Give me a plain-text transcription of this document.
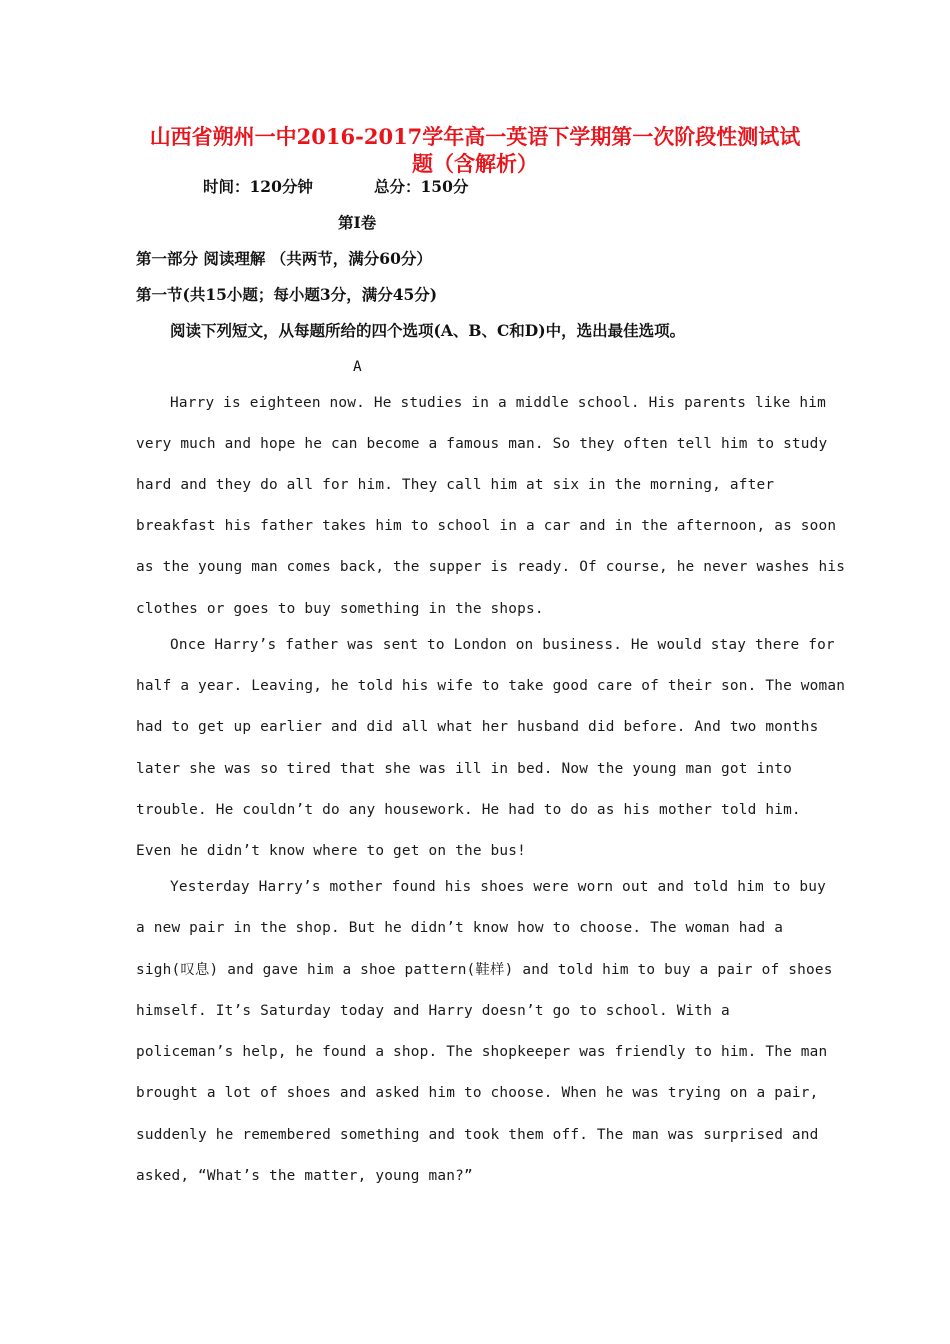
山西省朔州一中2016-2017学年高一英语下学期第一次阶段性测试试
题（含解析）
时间：120分钟	总分：150分
第I卷
第一部分 阅读理解 （共两节，满分60分）
第一节(共15小题；每小题3分，满分45分)
阅读下列短文，从每题所给的四个选项(A、B、C和D)中，选出最佳选项。
A
Harry is eighteen now. He studies in a middle school. His parents like him
very much and hope he can become a famous man. So they often tell him to study
hard and they do all for him. They call him at six in the morning, after
breakfast his father takes him to school in a car and in the afternoon, as soon
as the young man comes back, the supper is ready. Of course, he never washes his
clothes or goes to buy something in the shops.
Once Harry’s father was sent to London on business. He would stay there for
half a year. Leaving, he told his wife to take good care of their son. The woman
had to get up earlier and did all what her husband did before. And two months
later she was so tired that she was ill in bed. Now the young man got into
trouble. He couldn’t do any housework. He had to do as his mother told him.
Even he didn’t know where to get on the bus!
Yesterday Harry’s mother found his shoes were worn out and told him to buy
a new pair in the shop. But he didn’t know how to choose. The woman had a
sigh(叹息) and gave him a shoe pattern(鞋样) and told him to buy a pair of shoes
himself. It’s Saturday today and Harry doesn’t go to school. With a
policeman’s help, he found a shop. The shopkeeper was friendly to him. The man
brought a lot of shoes and asked him to choose. When he was trying on a pair,
suddenly he remembered something and took them off. The man was surprised and
asked, “What’s the matter, young man?”
